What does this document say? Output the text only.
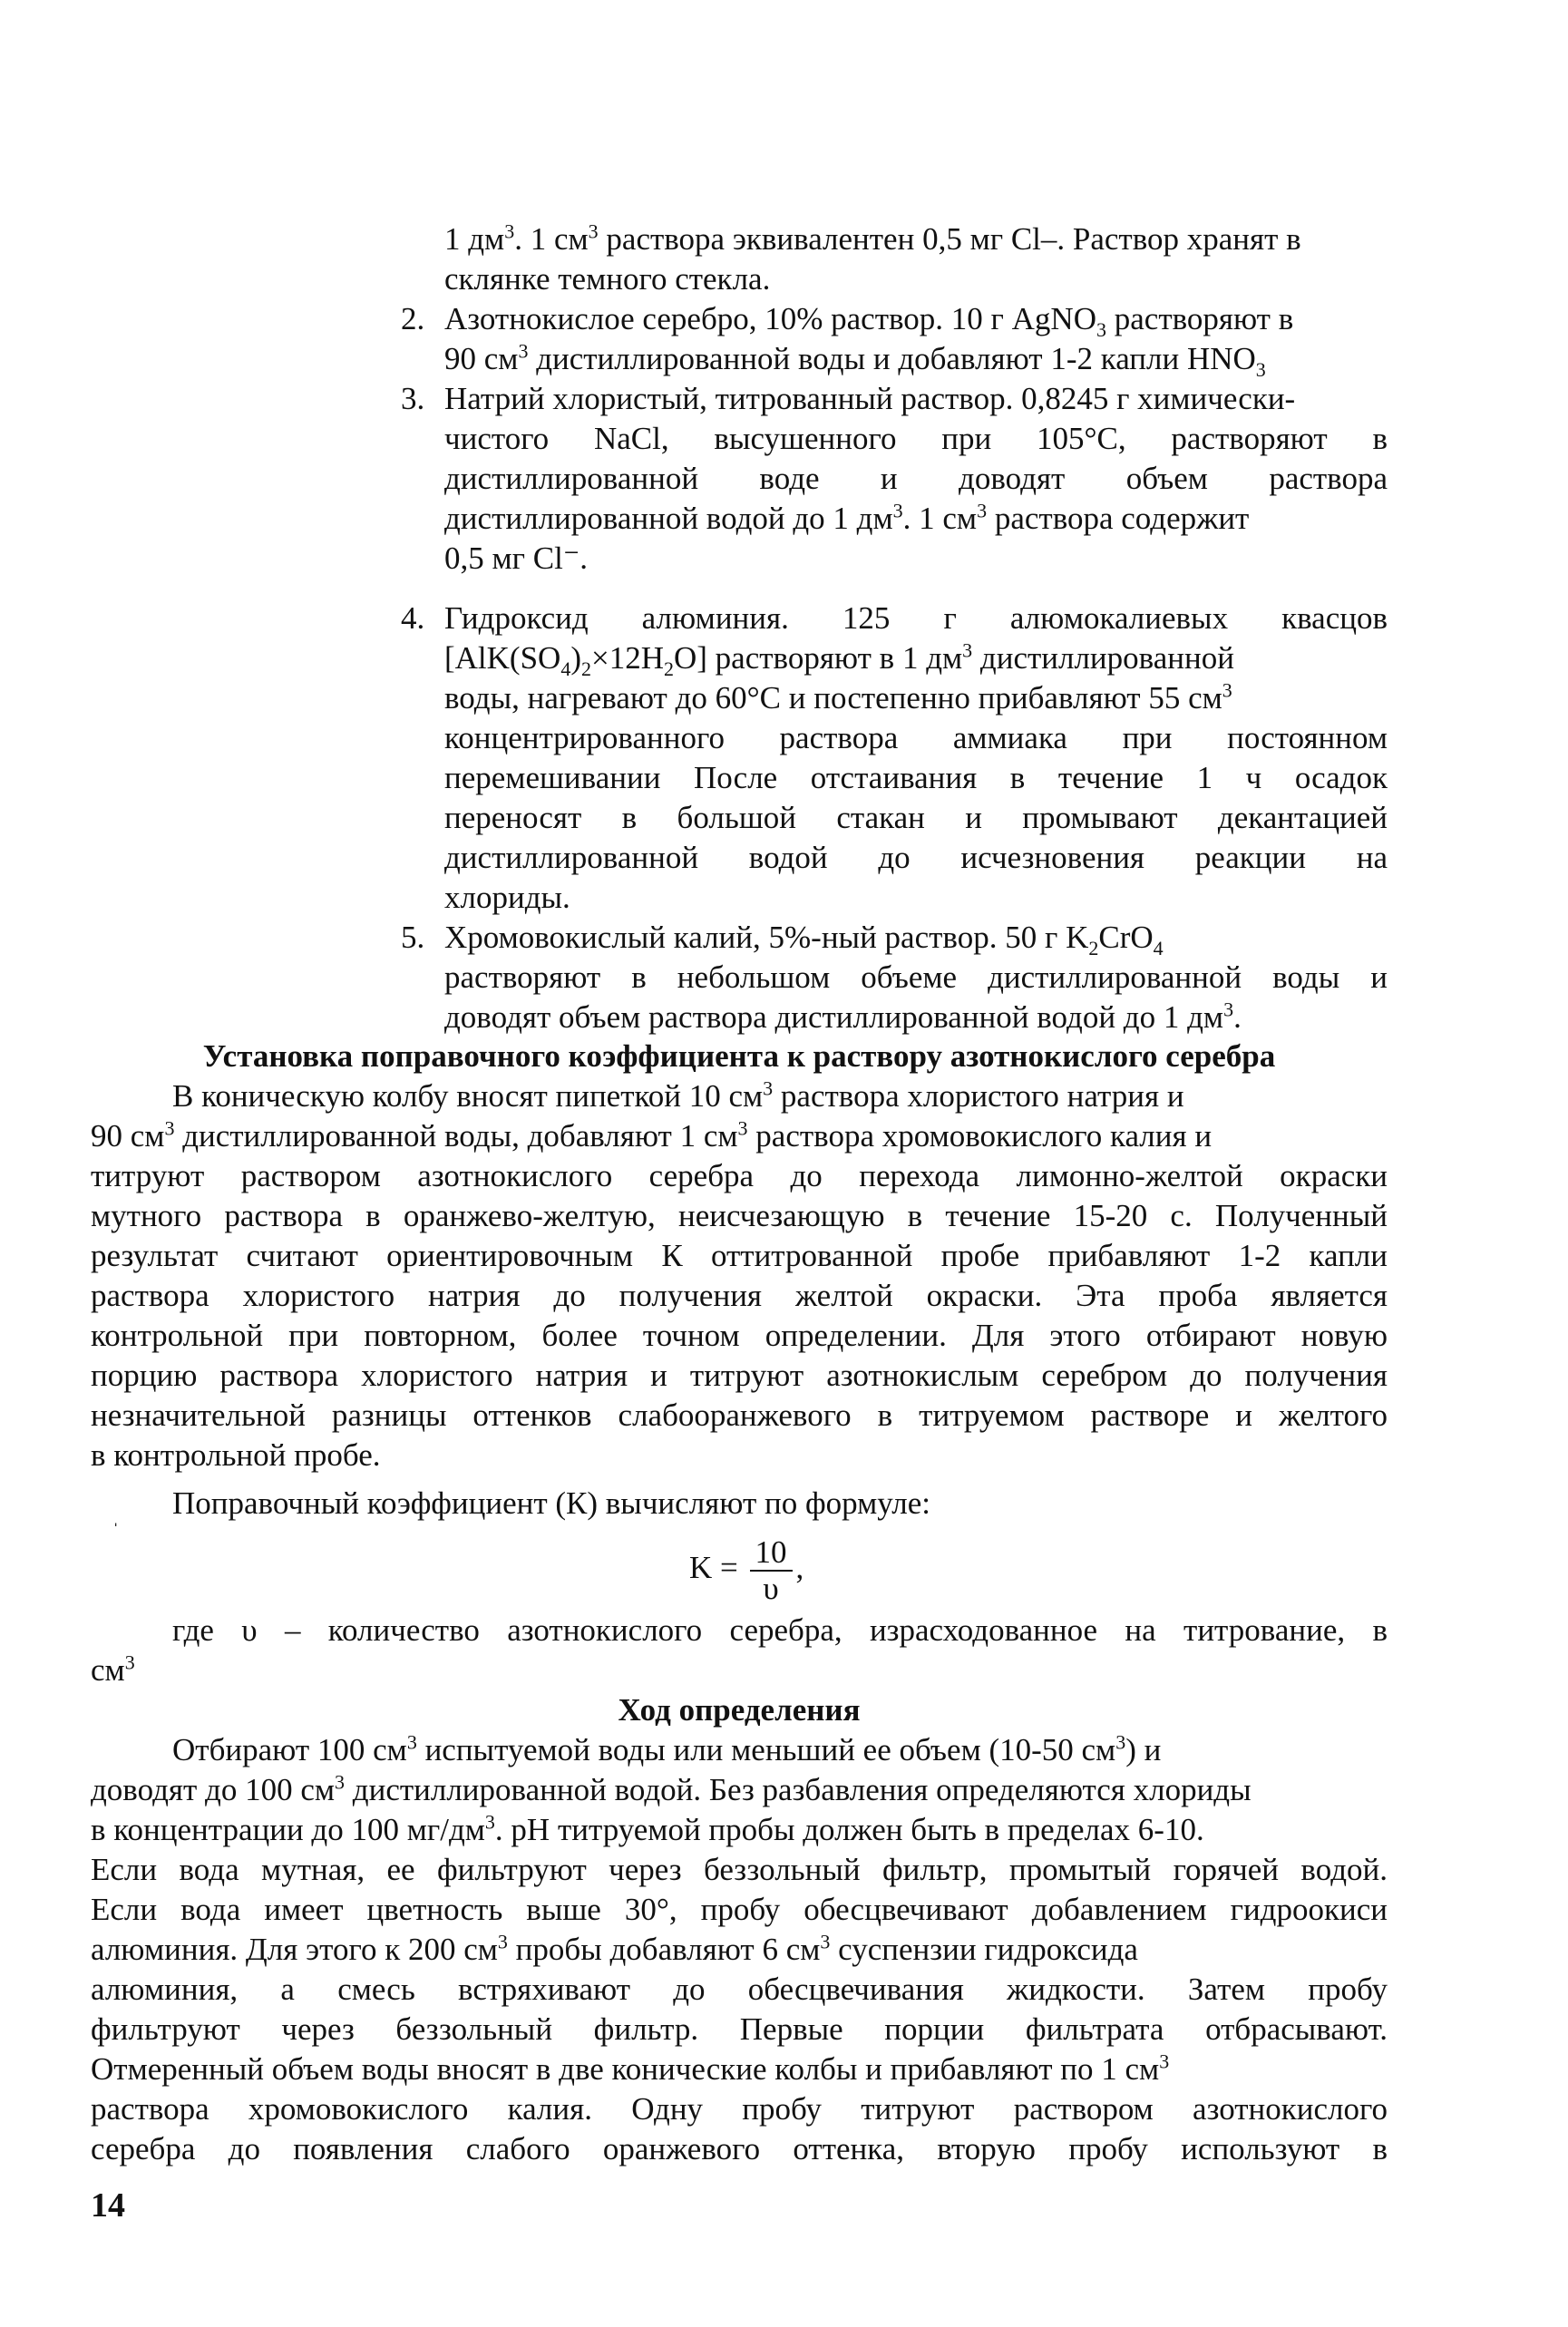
1 $дм^3$. 1 $см^3$ раствора эквивалентен 0,5 мг Cl–. Раствор хранят в
склянке темного стекла.
2. Азотнокислое серебро, 10% раствор. 10 г AgNO$_3$ растворяют в
90 $см^3$ дистиллированной воды и добавляют 1-2 капли $HNO_3$
3. Натрий хлористый, титрованный раствор. 0,8245 г химически-
чистого NaCl, высушенного при 105°С, растворяют в
дистиллированной воде и доводят объем раствора
дистиллированной водой до 1 $дм^3$. 1 $см^3$ раствора содержит
0,5 мг Cl⁻.
4. Гидроксид алюминия. 125 г алюмокалиевых квасцов
$[AlK(SO_4)_2\times 12H_2O]$ растворяют в 1 $дм^3$ дистиллированной
воды, нагревают до 60°С и постепенно прибавляют 55 $см^3$
концентрированного раствора аммиака при постоянном
перемешивании После отстаивания в течение 1 ч осадок
переносят в большой стакан и промывают декантацией
дистиллированной водой до исчезновения реакции на
хлориды.
5. Хромовокислый калий, 5%-ный раствор. 50 г $K_2CrO_4$
растворяют в небольшом объеме дистиллированной воды и
доводят объем раствора дистиллированной водой до 1 $дм^3$.
Установка поправочного коэффициента к раствору азотнокислого серебра
В коническую колбу вносят пипеткой 10 $см^3$ раствора хлористого натрия и
90 $см^3$ дистиллированной воды, добавляют 1 $см^3$ раствора хромовокислого калия и
титруют раствором азотнокислого серебра до перехода лимонно-желтой окраски
мутного раствора в оранжево-желтую, неисчезающую в течение 15-20 с. Полученный
результат считают ориентировочным К оттитрованной пробе прибавляют 1-2 капли
раствора хлористого натрия до получения желтой окраски. Эта проба является
контрольной при повторном, более точном определении. Для этого отбирают новую
порцию раствора хлористого натрия и титруют азотнокислым серебром до получения
незначительной разницы оттенков слабооранжевого в титруемом растворе и желтого
в контрольной пробе.
ˌ Поправочный коэффициент (К) вычисляют по формуле:
$K = \frac{10}{\upsilon}$ ,
где υ – количество азотнокислого серебра, израсходованное на титрование, в
$см^3$
Ход определения
Отбирают 100 $см^3$ испытуемой воды или меньший ее объем (10-50 $см^3$) и
доводят до 100 $см^3$ дистиллированной водой. Без разбавления определяются хлориды
в концентрации до 100 $мг/дм^3$. pH титруемой пробы должен быть в пределах 6-10.
Если вода мутная, ее фильтруют через беззольный фильтр, промытый горячей водой.
Если вода имеет цветность выше 30°, пробу обесцвечивают добавлением гидроокиси
алюминия. Для этого к 200 $см^3$ пробы добавляют 6 $см^3$ суспензии гидроксида
алюминия, а смесь встряхивают до обесцвечивания жидкости. Затем пробу
фильтруют через беззольный фильтр. Первые порции фильтрата отбрасывают.
Отмеренный объем воды вносят в две конические колбы и прибавляют по 1 $см^3$
раствора хромовокислого калия. Одну пробу титруют раствором азотнокислого
серебра до появления слабого оранжевого оттенка, вторую пробу используют в
14
